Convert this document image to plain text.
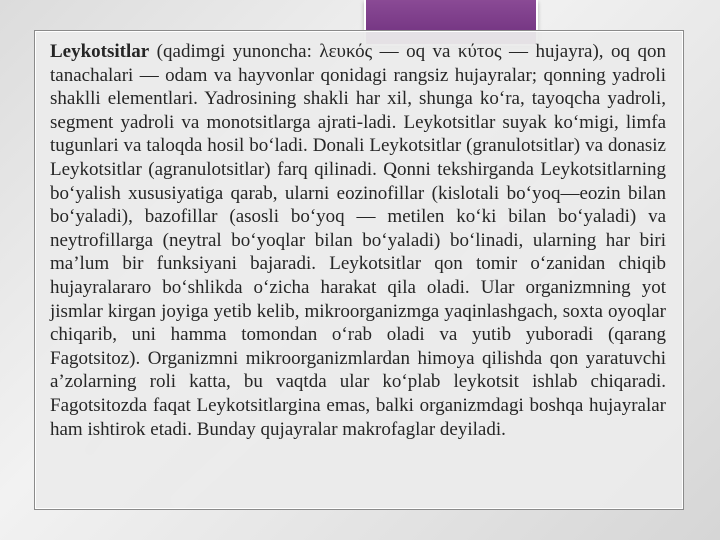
Leykotsitlar (qadimgi yunoncha: λευκός — oq va κύτος — hujayra), oq qon tanachalari — odam va hayvonlar qonidagi rangsiz hujayralar; qonning yadroli shaklli elementlari. Yadrosining shakli har xil, shunga ko‘ra, tayoqcha yadroli, segment yadroli va monotsitlarga ajrati-ladi. Leykotsitlar suyak ko‘migi, limfa tugunlari va taloqda hosil bo‘ladi. Donali Leykotsitlar (granulotsitlar) va donasiz Leykotsitlar (agranulotsitlar) farq qilinadi. Qonni tekshirganda Leykotsitlarning bo‘yalish xususiyatiga qarab, ularni eozinofillar (kislotali bo‘yoq—eozin bilan bo‘yaladi), bazofillar (asosli bo‘yoq — metilen ko‘ki bilan bo‘yaladi) va neytrofillarga (neytral bo‘yoqlar bilan bo‘yaladi) bo‘linadi, ularning har biri ma’lum bir funksiyani bajaradi. Leykotsitlar qon tomir o‘zanidan chiqib hujayralararo bo‘shlikda o‘zicha harakat qila oladi. Ular organizmning yot jismlar kirgan joyiga yetib kelib, mikroorganizmga yaqinlashgach, soxta oyoqlar chiqarib, uni hamma tomondan o‘rab oladi va yutib yuboradi (qarang Fagotsitoz). Organizmni mikroorganizmlardan himoya qilishda qon yaratuvchi a’zolarning roli katta, bu vaqtda ular ko‘plab leykotsit ishlab chiqaradi. Fagotsitozda faqat Leykotsitlargina emas, balki organizmdagi boshqa hujayralar ham ishtirok etadi. Bunday qujayralar makrofaglar deyiladi.
